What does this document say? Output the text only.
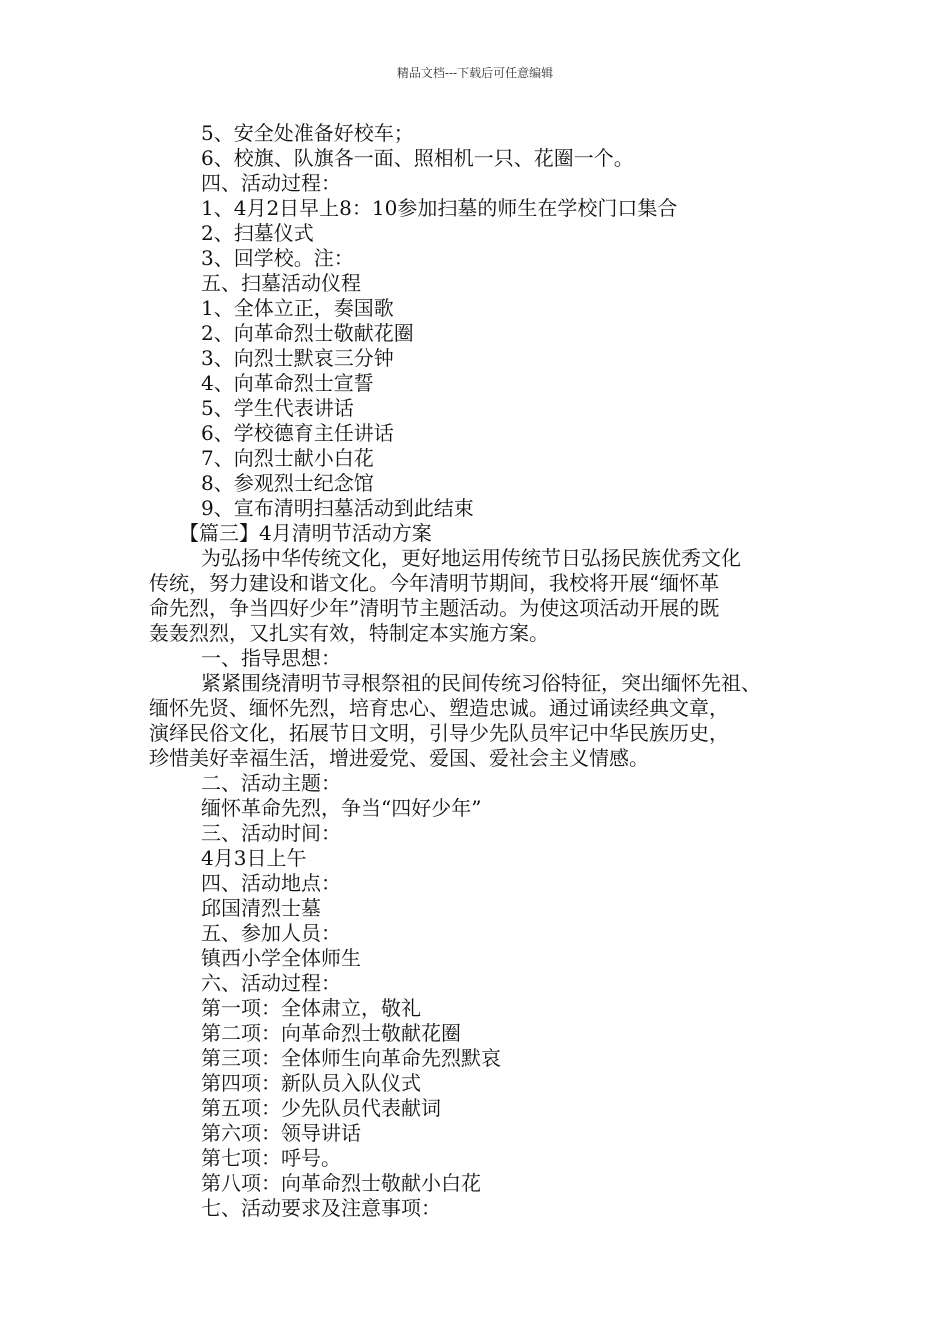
精品文档---下载后可任意编辑
5、安全处准备好校车；
6、校旗、队旗各一面、照相机一只、花圈一个。
四、活动过程：
1、4月2日早上8：10参加扫墓的师生在学校门口集合
2、扫墓仪式
3、回学校。注：
五、扫墓活动仪程
1、全体立正，奏国歌
2、向革命烈士敬献花圈
3、向烈士默哀三分钟
4、向革命烈士宣誓
5、学生代表讲话
6、学校德育主任讲话
7、向烈士献小白花
8、参观烈士纪念馆
9、宣布清明扫墓活动到此结束
【篇三】4月清明节活动方案
为弘扬中华传统文化，更好地运用传统节日弘扬民族优秀文化
传统，努力建设和谐文化。今年清明节期间，我校将开展“缅怀革
命先烈，争当四好少年”清明节主题活动。为使这项活动开展的既
轰轰烈烈，又扎实有效，特制定本实施方案。
一、指导思想：
紧紧围绕清明节寻根祭祖的民间传统习俗特征，突出缅怀先祖、
缅怀先贤、缅怀先烈，培育忠心、塑造忠诚。通过诵读经典文章，
演绎民俗文化，拓展节日文明，引导少先队员牢记中华民族历史，
珍惜美好幸福生活，增进爱党、爱国、爱社会主义情感。
二、活动主题：
缅怀革命先烈，争当“四好少年”
三、活动时间：
4月3日上午
四、活动地点：
邱国清烈士墓
五、参加人员：
镇西小学全体师生
六、活动过程：
第一项：全体肃立，敬礼
第二项：向革命烈士敬献花圈
第三项：全体师生向革命先烈默哀
第四项：新队员入队仪式
第五项：少先队员代表献词
第六项：领导讲话
第七项：呼号。
第八项：向革命烈士敬献小白花
七、活动要求及注意事项：
